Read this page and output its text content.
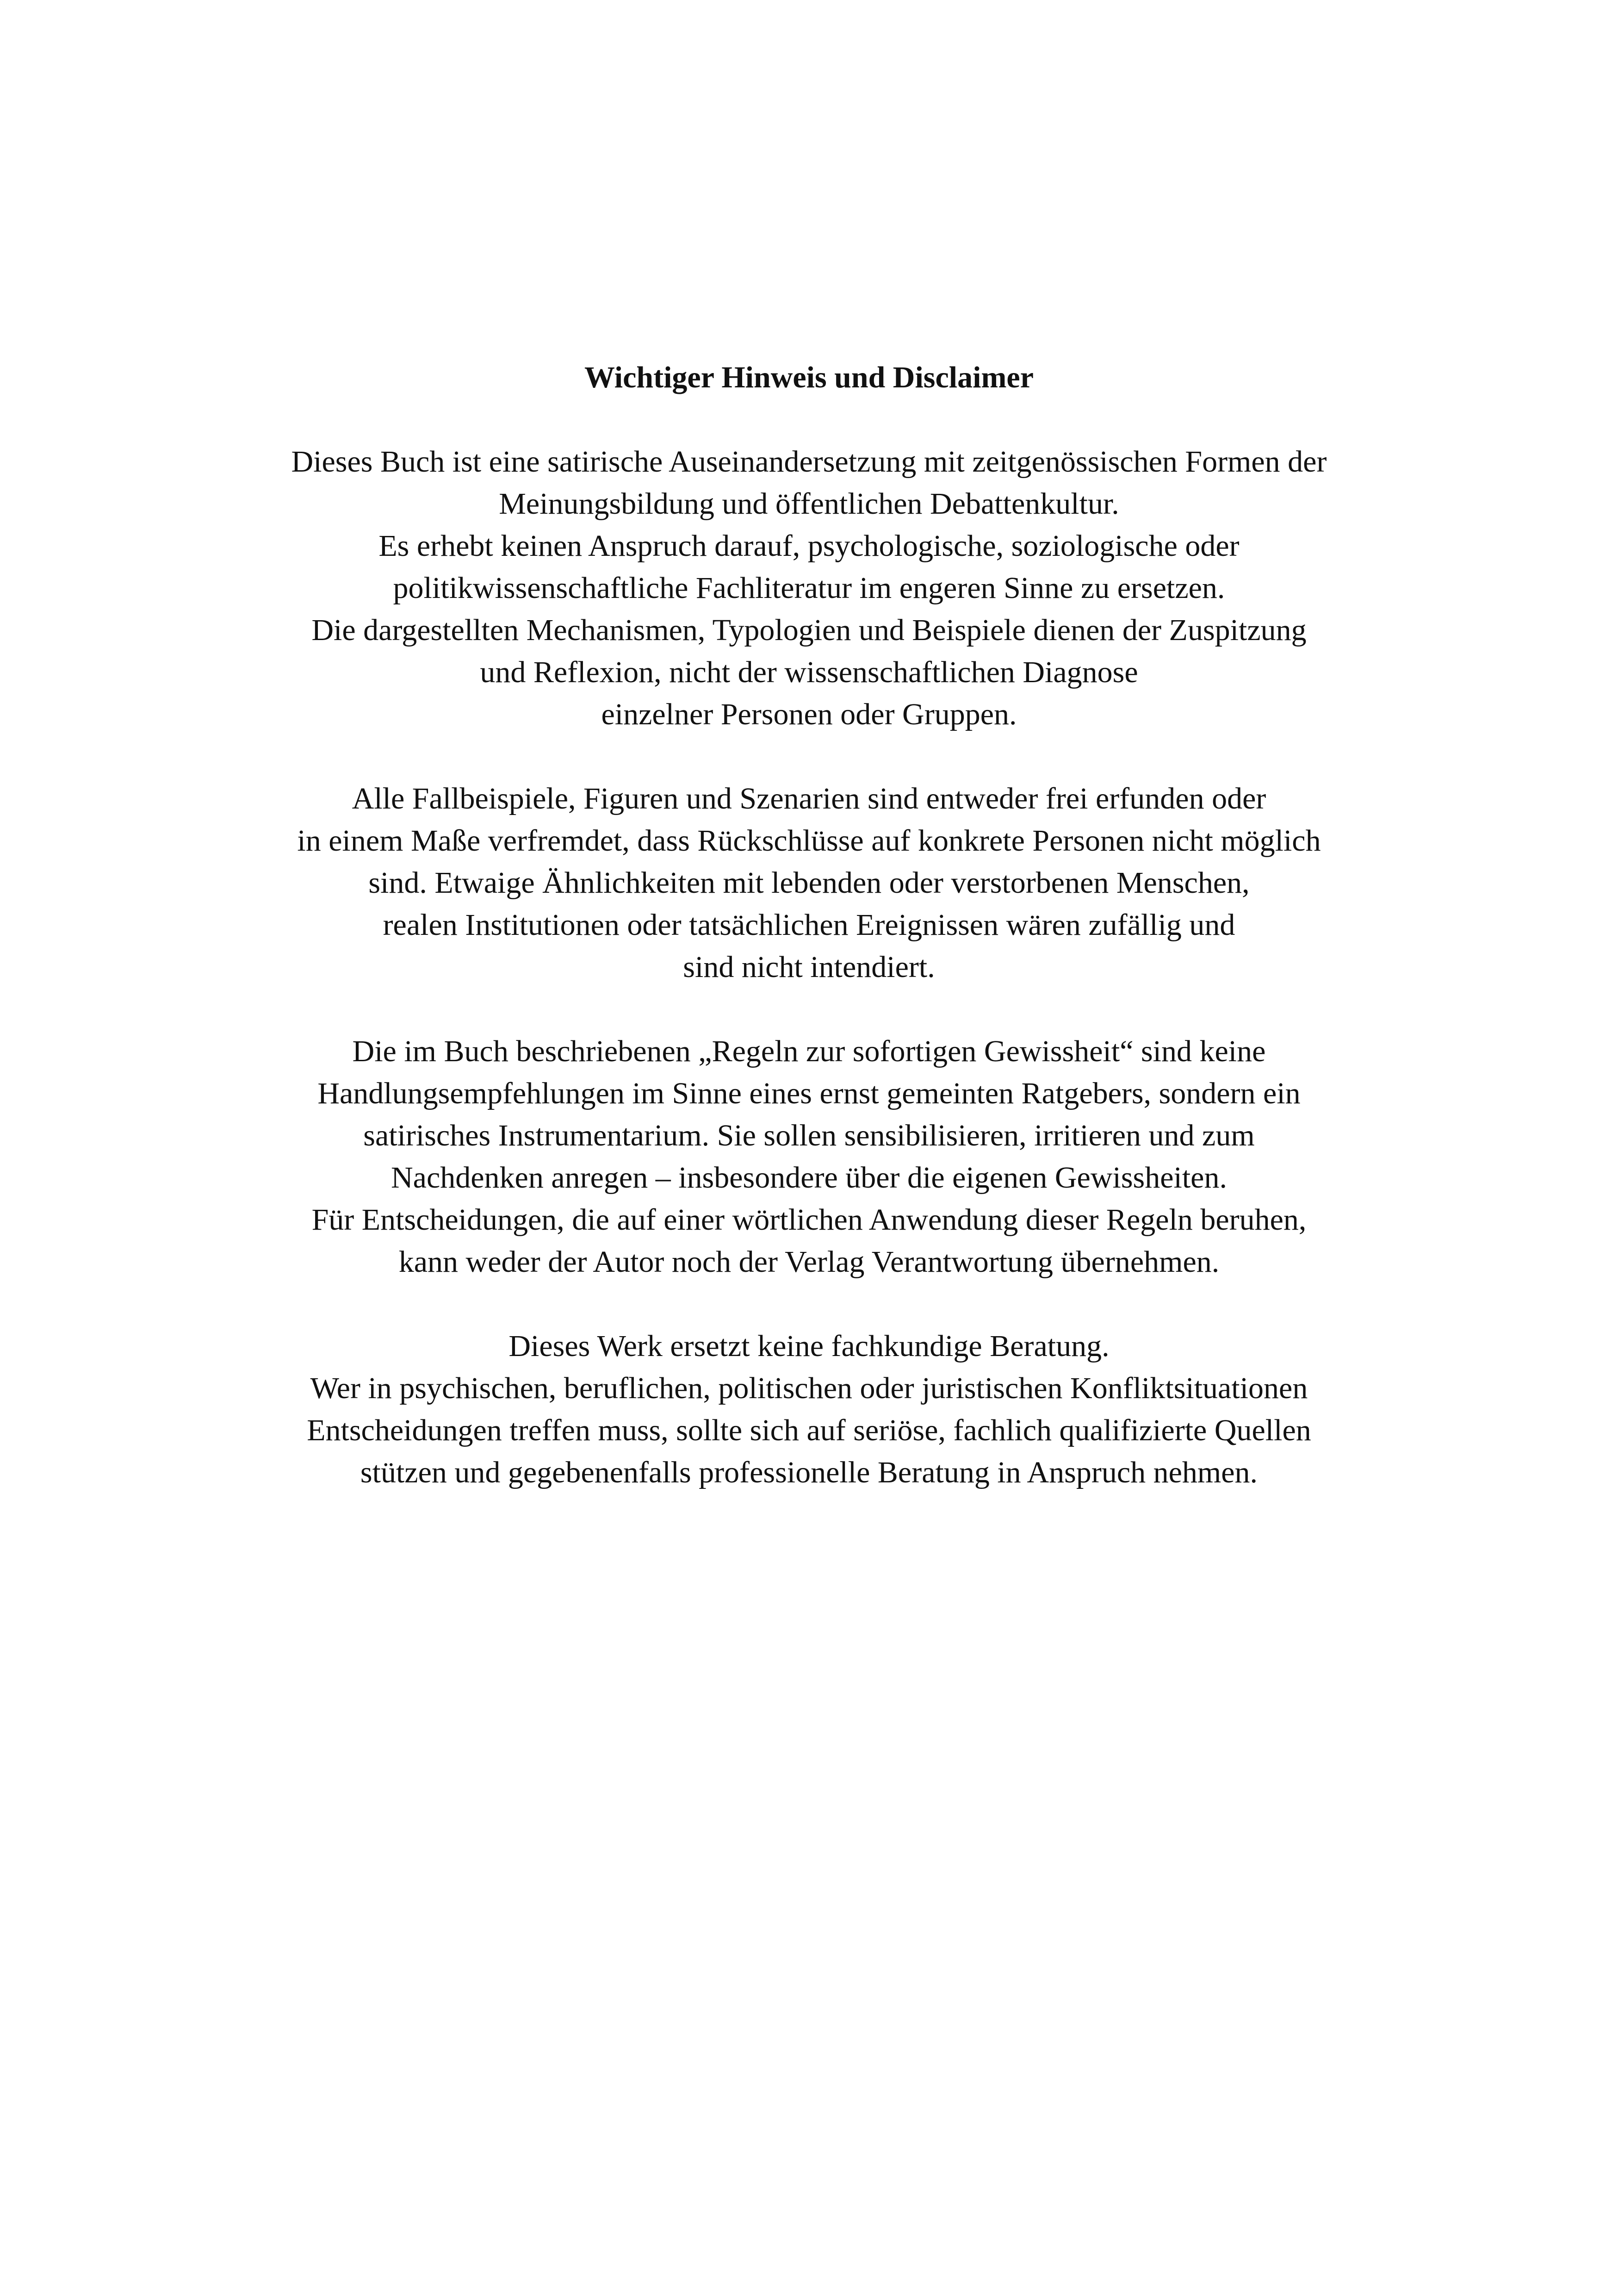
Wichtiger Hinweis und Disclaimer
Dieses Buch ist eine satirische Auseinandersetzung mit zeitgenössischen Formen der
Meinungsbildung und öffentlichen Debattenkultur.
Es erhebt keinen Anspruch darauf, psychologische, soziologische oder
politikwissenschaftliche Fachliteratur im engeren Sinne zu ersetzen.
Die dargestellten Mechanismen, Typologien und Beispiele dienen der Zuspitzung
und Reflexion, nicht der wissenschaftlichen Diagnose
einzelner Personen oder Gruppen.
Alle Fallbeispiele, Figuren und Szenarien sind entweder frei erfunden oder
in einem Maße verfremdet, dass Rückschlüsse auf konkrete Personen nicht möglich
sind. Etwaige Ähnlichkeiten mit lebenden oder verstorbenen Menschen,
realen Institutionen oder tatsächlichen Ereignissen wären zufällig und
sind nicht intendiert.
Die im Buch beschriebenen „Regeln zur sofortigen Gewissheit“ sind keine
Handlungsempfehlungen im Sinne eines ernst gemeinten Ratgebers, sondern ein
satirisches Instrumentarium. Sie sollen sensibilisieren, irritieren und zum
Nachdenken anregen – insbesondere über die eigenen Gewissheiten.
Für Entscheidungen, die auf einer wörtlichen Anwendung dieser Regeln beruhen,
kann weder der Autor noch der Verlag Verantwortung übernehmen.
Dieses Werk ersetzt keine fachkundige Beratung.
Wer in psychischen, beruflichen, politischen oder juristischen Konfliktsituationen
Entscheidungen treffen muss, sollte sich auf seriöse, fachlich qualifizierte Quellen
stützen und gegebenenfalls professionelle Beratung in Anspruch nehmen.
